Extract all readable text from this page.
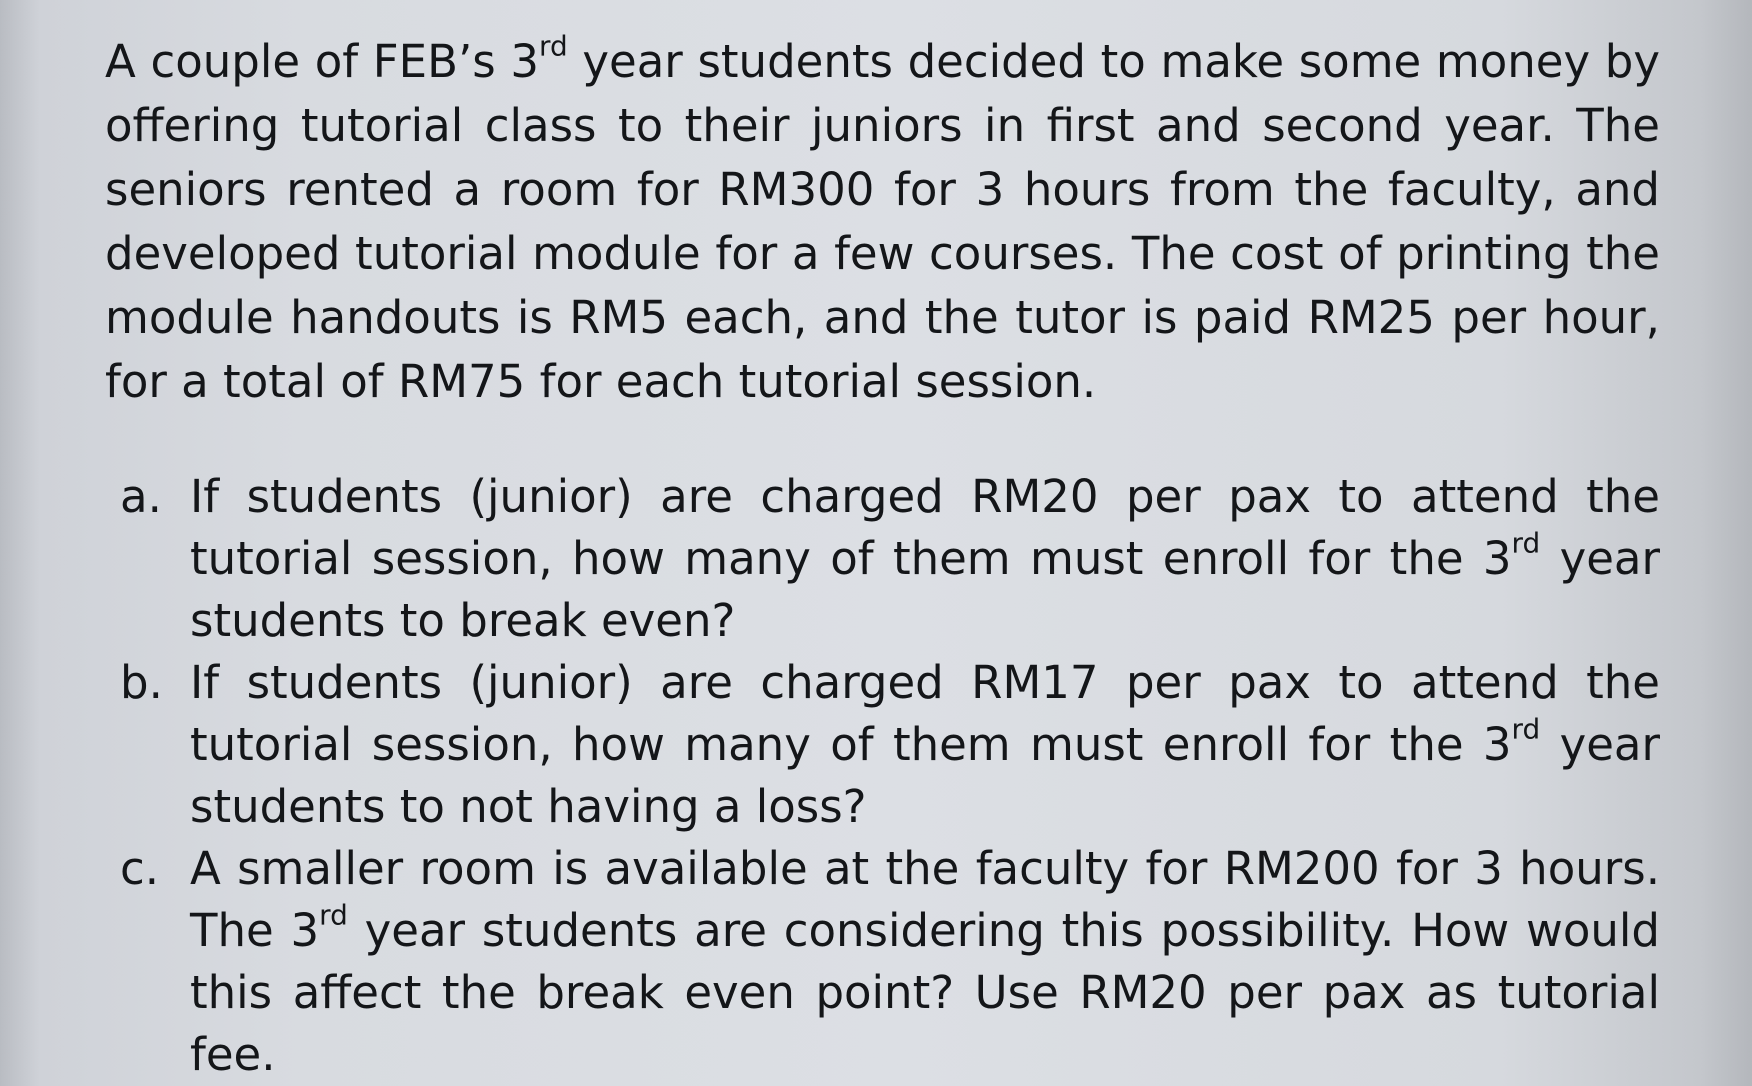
A couple of FEB’s 3rd year students decided to make some money by offering tutorial class to their juniors in first and second year. The seniors rented a room for RM300 for 3 hours from the faculty, and developed tutorial module for a few courses. The cost of printing the module handouts is RM5 each, and the tutor is paid RM25 per hour, for a total of RM75 for each tutorial session.

a. If students (junior) are charged RM20 per pax to attend the tutorial session, how many of them must enroll for the 3rd year students to break even?
b. If students (junior) are charged RM17 per pax to attend the tutorial session, how many of them must enroll for the 3rd year students to not having a loss?
c. A smaller room is available at the faculty for RM200 for 3 hours. The 3rd year students are considering this possibility. How would this affect the break even point? Use RM20 per pax as tutorial fee.
